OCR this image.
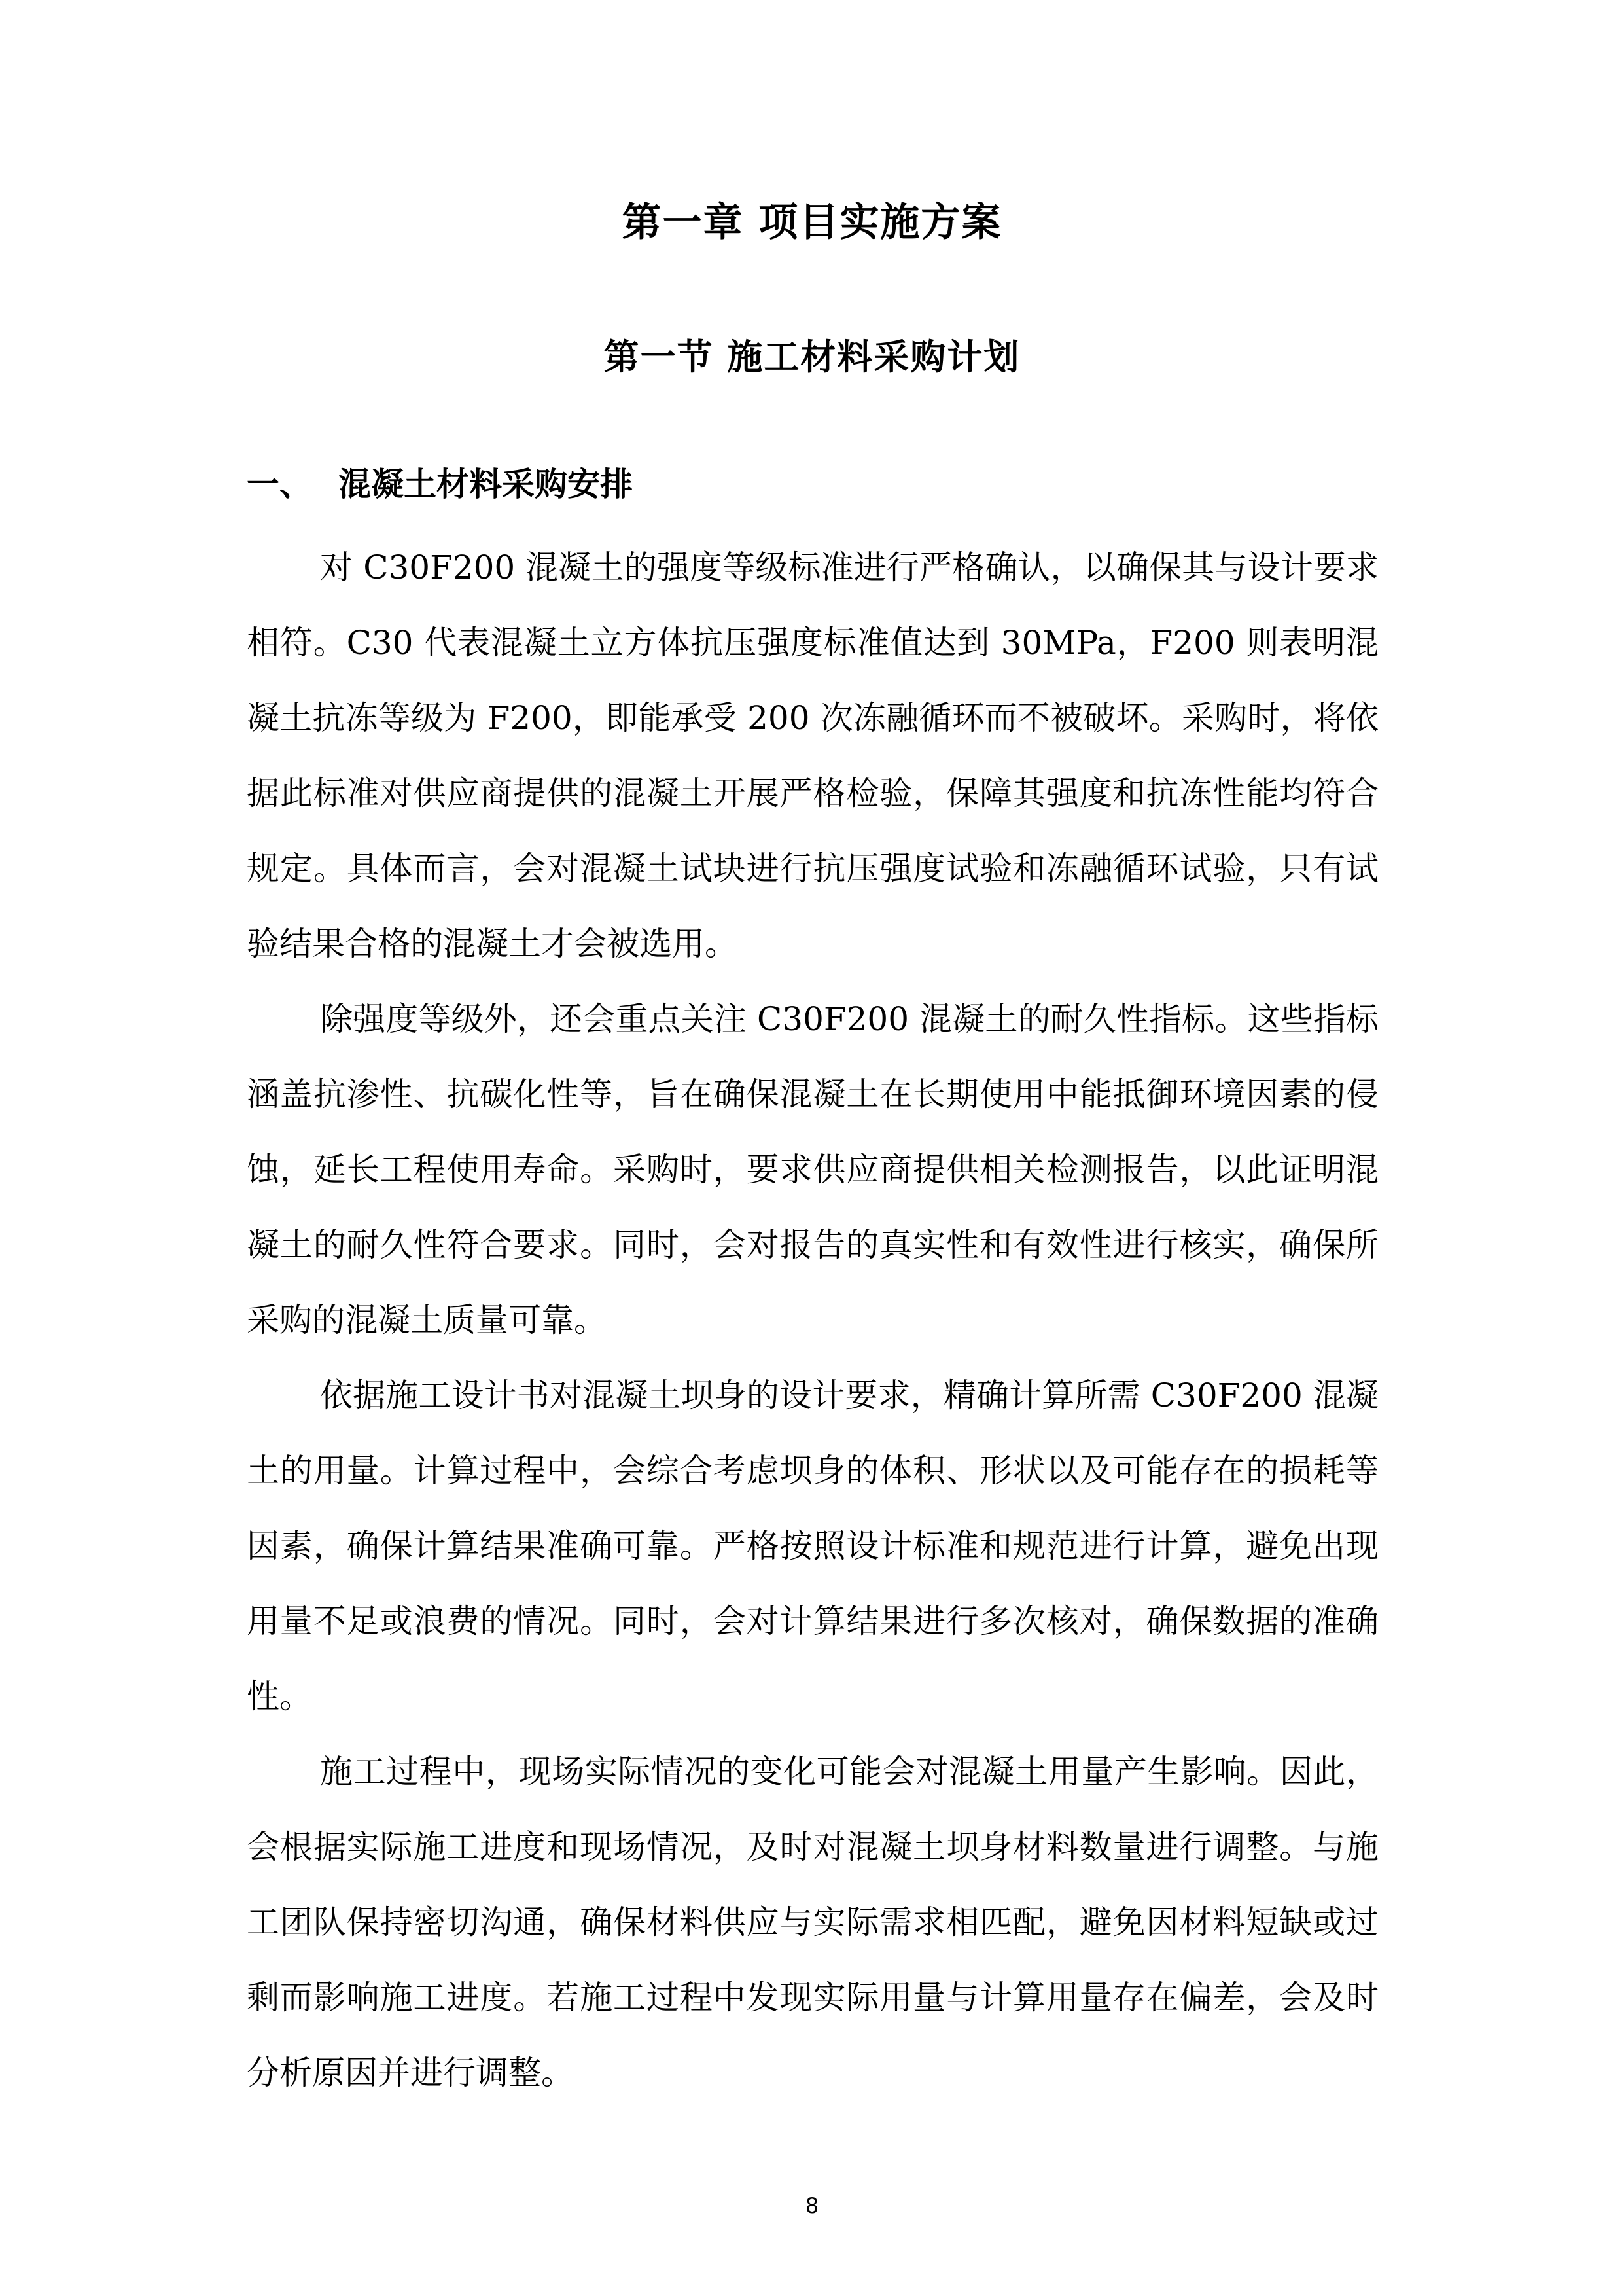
第一章 项目实施方案
第一节 施工材料采购计划
一、 混凝土材料采购安排

对 C30F200 混凝土的强度等级标准进行严格确认，以确保其与设计要求相符。C30 代表混凝土立方体抗压强度标准值达到 30MPa，F200 则表明混凝土抗冻等级为 F200，即能承受 200 次冻融循环而不被破坏。采购时，将依据此标准对供应商提供的混凝土开展严格检验，保障其强度和抗冻性能均符合规定。具体而言，会对混凝土试块进行抗压强度试验和冻融循环试验，只有试验结果合格的混凝土才会被选用。

除强度等级外，还会重点关注 C30F200 混凝土的耐久性指标。这些指标涵盖抗渗性、抗碳化性等，旨在确保混凝土在长期使用中能抵御环境因素的侵蚀，延长工程使用寿命。采购时，要求供应商提供相关检测报告，以此证明混凝土的耐久性符合要求。同时，会对报告的真实性和有效性进行核实，确保所采购的混凝土质量可靠。

依据施工设计书对混凝土坝身的设计要求，精确计算所需 C30F200 混凝土的用量。计算过程中，会综合考虑坝身的体积、形状以及可能存在的损耗等因素，确保计算结果准确可靠。严格按照设计标准和规范进行计算，避免出现用量不足或浪费的情况。同时，会对计算结果进行多次核对，确保数据的准确性。

施工过程中，现场实际情况的变化可能会对混凝土用量产生影响。因此，会根据实际施工进度和现场情况，及时对混凝土坝身材料数量进行调整。与施工团队保持密切沟通，确保材料供应与实际需求相匹配，避免因材料短缺或过剩而影响施工进度。若施工过程中发现实际用量与计算用量存在偏差，会及时分析原因并进行调整。

8
